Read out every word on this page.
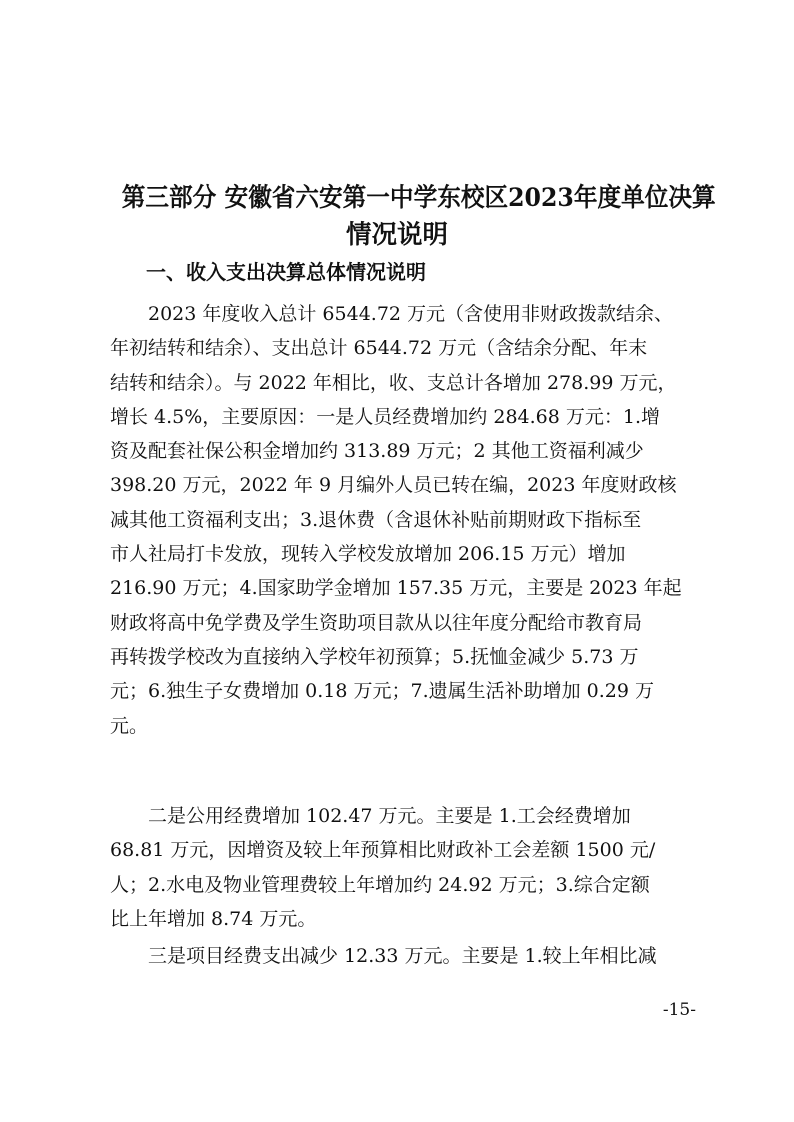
第三部分 安徽省六安第一中学东校区2023年度单位决算
情况说明
一、收入支出决算总体情况说明

　　2023 年度收入总计 6544.72 万元（含使用非财政拨款结余、
年初结转和结余）、支出总计 6544.72 万元（含结余分配、年末
结转和结余）。与 2022 年相比，收、支总计各增加 278.99 万元，
增长 4.5%，主要原因：一是人员经费增加约 284.68 万元：1.增
资及配套社保公积金增加约 313.89 万元；2 其他工资福利减少
398.20 万元，2022 年 9 月编外人员已转在编，2023 年度财政核
减其他工资福利支出；3.退休费（含退休补贴前期财政下指标至
市人社局打卡发放，现转入学校发放增加 206.15 万元）增加
216.90 万元；4.国家助学金增加 157.35 万元，主要是 2023 年起
财政将高中免学费及学生资助项目款从以往年度分配给市教育局
再转拨学校改为直接纳入学校年初预算；5.抚恤金减少 5.73 万
元；6.独生子女费增加 0.18 万元；7.遗属生活补助增加 0.29 万
元。

　　二是公用经费增加 102.47 万元。主要是 1.工会经费增加
68.81 万元，因增资及较上年预算相比财政补工会差额 1500 元/
人；2.水电及物业管理费较上年增加约 24.92 万元；3.综合定额
比上年增加 8.74 万元。

　　三是项目经费支出减少 12.33 万元。主要是 1.较上年相比减

-15-
